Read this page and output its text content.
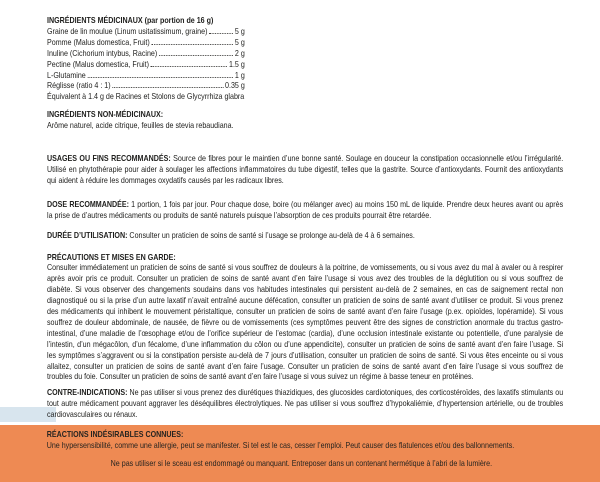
INGRÉDIENTS MÉDICINAUX (par portion de 16 g)
Graine de lin moulue (Linum usitatissimum, graine)	5 g
Pomme (Malus domestica, Fruit)	5 g
Inuline (Cichorium intybus, Racine)	2 g
Pectine (Malus domestica, Fruit)	1.5 g
L-Glutamine	1 g
Réglisse (ratio 4 : 1)	0.35 g
Équivalent à 1.4 g de Racines et Stolons de Glycyrrhiza glabra
INGRÉDIENTS NON-MÉDICINAUX:
Arôme naturel, acide citrique, feuilles de stevia rebaudiana.

USAGES OU FINS RECOMMANDÉS: Source de fibres pour le maintien d’une bonne santé. Soulage en douceur la constipation occasionnelle et/ou l’irrégularité. Utilisé en phytothérapie pour aider à soulager les affections inflammatoires du tube digestif, telles que la gastrite. Source d’antioxydants. Fournit des antioxydants qui aident à réduire les dommages oxydatifs causés par les radicaux libres.

DOSE RECOMMANDÉE: 1 portion, 1 fois par jour. Pour chaque dose, boire (ou mélanger avec) au moins 150 mL de liquide. Prendre deux heures avant ou après la prise de d’autres médicaments ou produits de santé naturels puisque l’absorption de ces produits pourrait être retardée.

DURÉE D’UTILISATION: Consulter un praticien de soins de santé si l’usage se prolonge au-delà de 4 à 6 semaines.

PRÉCAUTIONS ET MISES EN GARDE:

Consulter immédiatement un praticien de soins de santé si vous souffrez de douleurs à la poitrine, de vomissements, ou si vous avez du mal à avaler ou à respirer après avoir pris ce produit. Consulter un praticien de soins de santé avant d’en faire l’usage si vous avez des troubles de la déglutition ou si vous souffrez de diabète. Si vous observer des changements soudains dans vos habitudes intestinales qui persistent au-delà de 2 semaines, en cas de saignement rectal non diagnostiqué ou si la prise d’un autre laxatif n’avait entraîné aucune défécation, consulter un praticien de soins de santé avant d’utiliser ce produit. Si vous prenez des médicaments qui inhibent le mouvement péristaltique, consulter un praticien de soins de santé avant d’en faire l’usage (p.ex. opioïdes, lopéramide). Si vous souffrez de douleur abdominale, de nausée, de fièvre ou de vomissements (ces symptômes peuvent être des signes de constriction anormale du tractus gastro-intestinal, d’une maladie de l’œsophage et/ou de l’orifice supérieur de l’estomac (cardia), d’une occlusion intestinale existante ou potentielle, d’une paralysie de l’intestin, d’un mégacôlon, d’un fécalome, d’une inflammation du côlon ou d’une appendicite), consulter un praticien de soins de santé avant d’en faire l’usage. Si les symptômes s’aggravent ou si la constipation persiste au-delà de 7 jours d’utilisation, consulter un praticien de soins de santé. Si vous êtes enceinte ou si vous allaitez, consulter un praticien de soins de santé avant d’en faire l’usage. Consulter un praticien de soins de santé avant d’en faire l’usage si vous souffrez de troubles du foie. Consulter un praticien de soins de santé avant d’en faire l’usage si vous suivez un régime à basse teneur en protéines.

CONTRE-INDICATIONS: Ne pas utiliser si vous prenez des diurétiques thiazidiques, des glucosides cardiotoniques, des corticostéroïdes, des laxatifs stimulants ou tout autre médicament pouvant aggraver les déséquilibres électrolytiques. Ne pas utiliser si vous souffrez d’hypokaliémie, d’hypertension artérielle, ou de troubles cardiovasculaires ou rénaux.

RÉACTIONS INDÉSIRABLES CONNUES:
Une hypersensibilité, comme une allergie, peut se manifester. Si tel est le cas, cesser l’emploi. Peut causer des flatulences et/ou des ballonnements.
Ne pas utiliser si le sceau est endommagé ou manquant. Entreposer dans un contenant hermétique à l’abri de la lumière.
